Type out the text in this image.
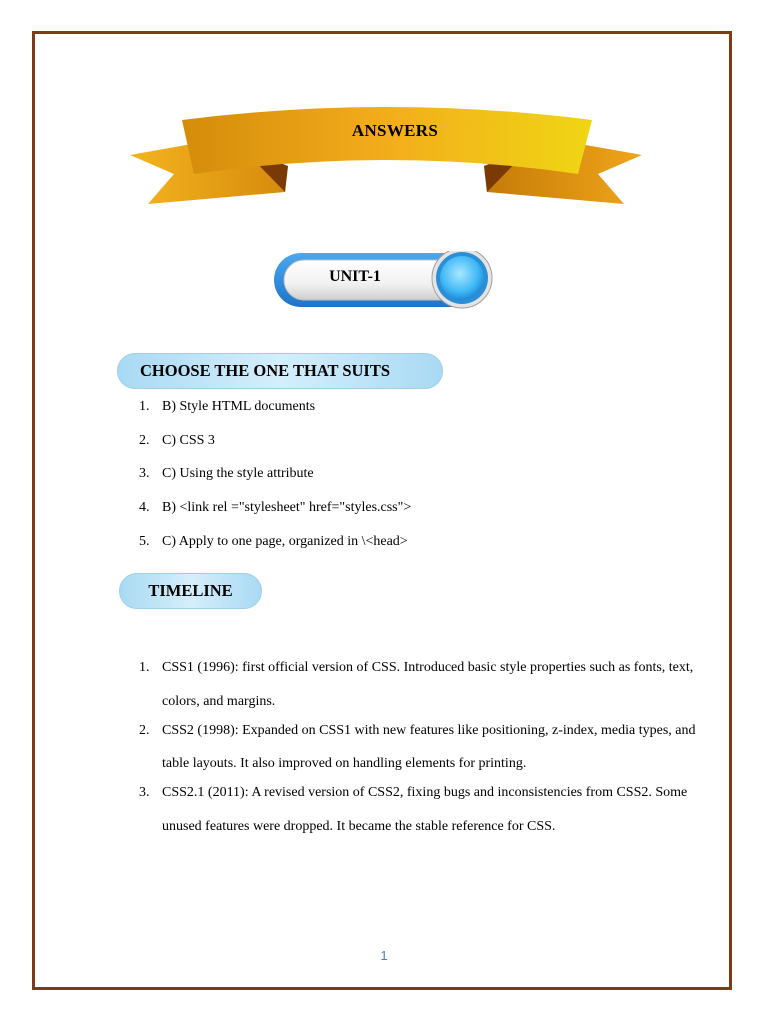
ANSWERS
UNIT-1
CHOOSE THE ONE THAT SUITS
1. B) Style HTML documents
2. C) CSS 3
3. C) Using the style attribute
4. B) <link rel ="stylesheet" href="styles.css">
5. C) Apply to one page, organized in \<head>
TIMELINE
1. CSS1 (1996): first official version of CSS. Introduced basic style properties such as fonts, text, colors, and margins.
2. CSS2 (1998): Expanded on CSS1 with new features like positioning, z-index, media types, and table layouts. It also improved on handling elements for printing.
3. CSS2.1 (2011): A revised version of CSS2, fixing bugs and inconsistencies from CSS2. Some unused features were dropped. It became the stable reference for CSS.
1
